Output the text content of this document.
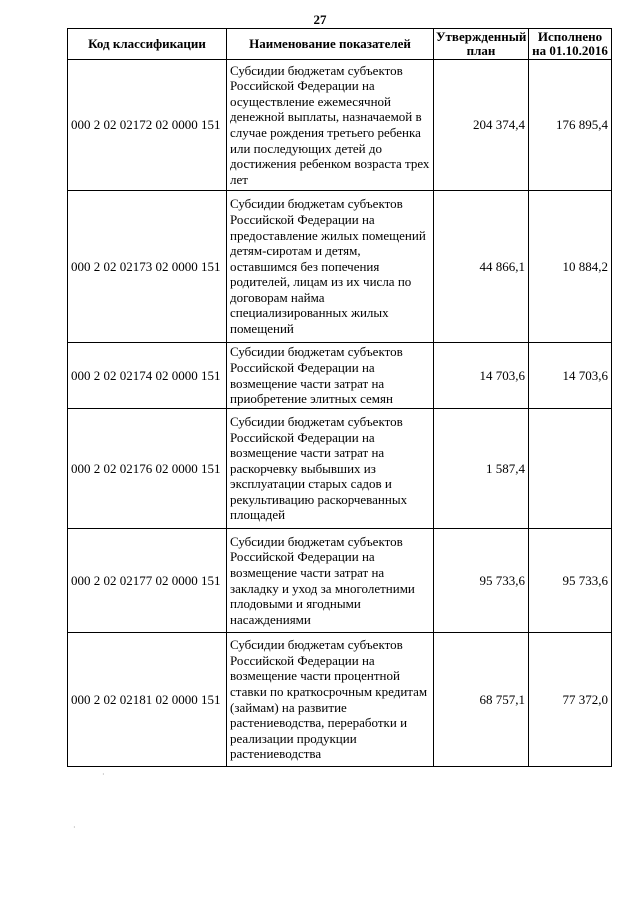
27
Код классификации	Наименование показателей	Утвержденный план	Исполнено на 01.10.2016
000 2 02 02172 02 0000 151	Субсидии бюджетам субъектов Российской Федерации на осуществление ежемесячной денежной выплаты, назначаемой в случае рождения третьего ребенка или последующих детей до достижения ребенком возраста трех лет	204 374,4	176 895,4
000 2 02 02173 02 0000 151	Субсидии бюджетам субъектов Российской Федерации на предоставление жилых помещений детям-сиротам и детям, оставшимся без попечения родителей, лицам из их числа по договорам найма специализированных жилых помещений	44 866,1	10 884,2
000 2 02 02174 02 0000 151	Субсидии бюджетам субъектов Российской Федерации на возмещение части затрат на приобретение элитных семян	14 703,6	14 703,6
000 2 02 02176 02 0000 151	Субсидии бюджетам субъектов Российской Федерации на возмещение части затрат на раскорчевку выбывших из эксплуатации старых садов и рекультивацию раскорчеванных площадей	1 587,4	
000 2 02 02177 02 0000 151	Субсидии бюджетам субъектов Российской Федерации на возмещение части затрат на закладку и уход за многолетними плодовыми и ягодными насаждениями	95 733,6	95 733,6
000 2 02 02181 02 0000 151	Субсидии бюджетам субъектов Российской Федерации на возмещение части процентной ставки по краткосрочным кредитам (займам) на развитие растениеводства, переработки и реализации продукции растениеводства	68 757,1	77 372,0
·
·
